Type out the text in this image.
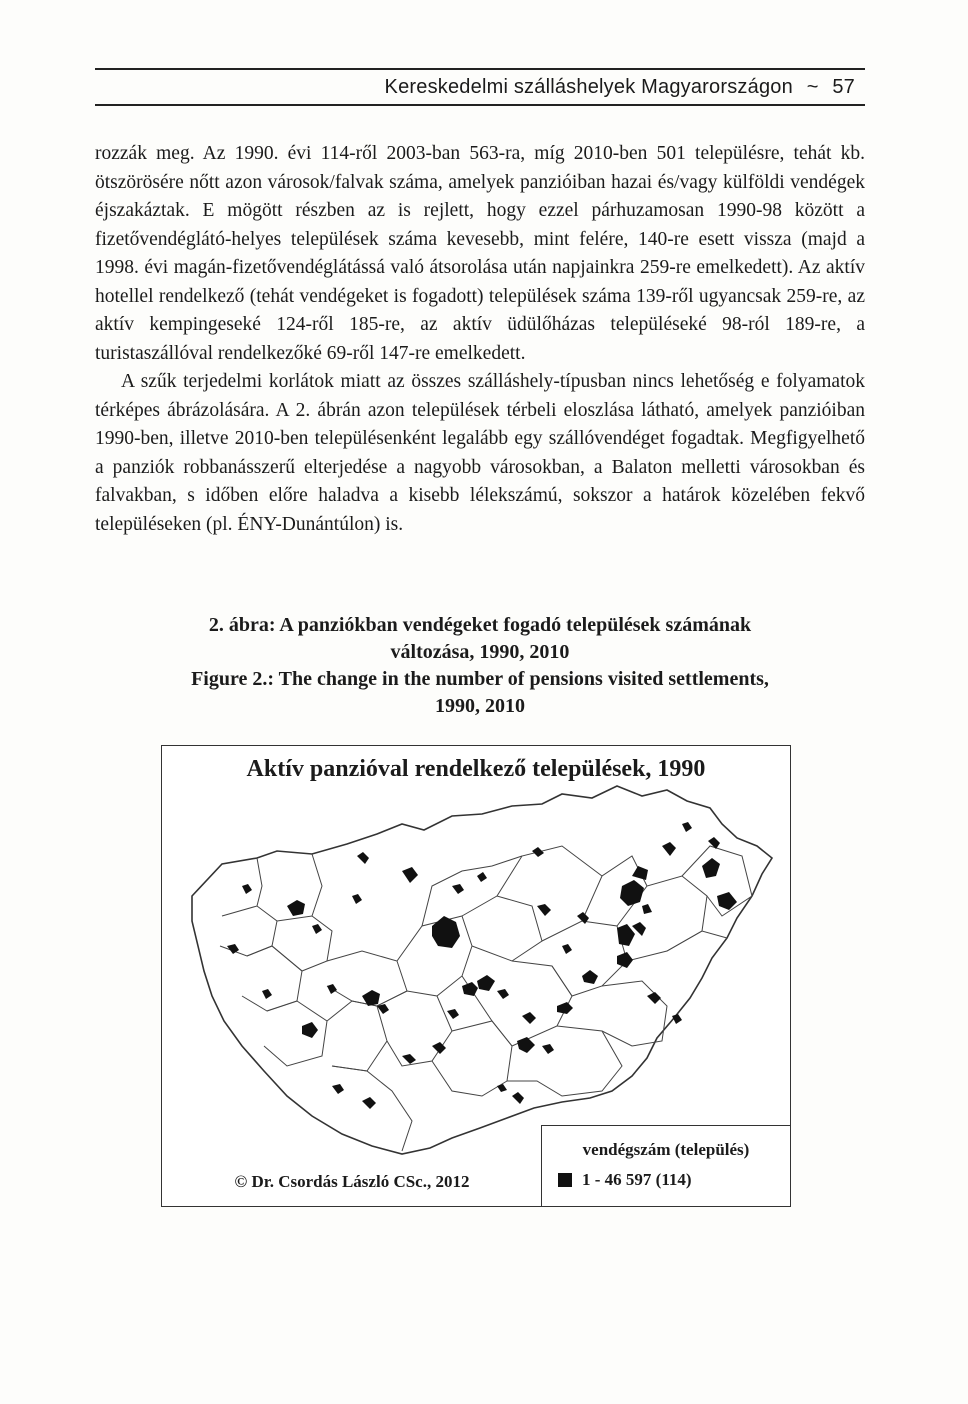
Kereskedelmi szálláshelyek Magyarországon ~ 57

rozzák meg. Az 1990. évi 114-ről 2003-ban 563-ra, míg 2010-ben 501 településre, tehát kb. ötszörösére nőtt azon városok/falvak száma, amelyek panzióiban hazai és/vagy külföldi vendégek éjszakáztak. E mögött részben az is rejlett, hogy ezzel párhuzamosan 1990-98 között a fizetővendéglátó-helyes települések száma kevesebb, mint felére, 140-re esett vissza (majd a 1998. évi magán-fizetővendéglátássá való átsorolása után napjainkra 259-re emelkedett). Az aktív hotellel rendelkező (tehát vendégeket is fogadott) települések száma 139-ről ugyancsak 259-re, az aktív kempingeseké 124-ről 185-re, az aktív üdülőházas településeké 98-ról 189-re, a turistaszállóval rendelkezőké 69-ről 147-re emelkedett.

A szűk terjedelmi korlátok miatt az összes szálláshely-típusban nincs lehetőség e folyamatok térképes ábrázolására. A 2. ábrán azon települések térbeli eloszlása látható, amelyek panzióiban 1990-ben, illetve 2010-ben településenként legalább egy szállóvendéget fogadtak. Megfigyelhető a panziók robbanásszerű elterjedése a nagyobb városokban, a Balaton melletti városokban és falvakban, s időben előre haladva a kisebb lélekszámú, sokszor a határok közelében fekvő településeken (pl. ÉNY-Dunántúlon) is.

2. ábra: A panziókban vendégeket fogadó települések számának
változása, 1990, 2010
Figure 2.: The change in the number of pensions visited settlements,
1990, 2010
Aktív panzióval rendelkező települések, 1990
© Dr. Csordás László CSc., 2012
vendégszám (település)
1 - 46 597 (114)
